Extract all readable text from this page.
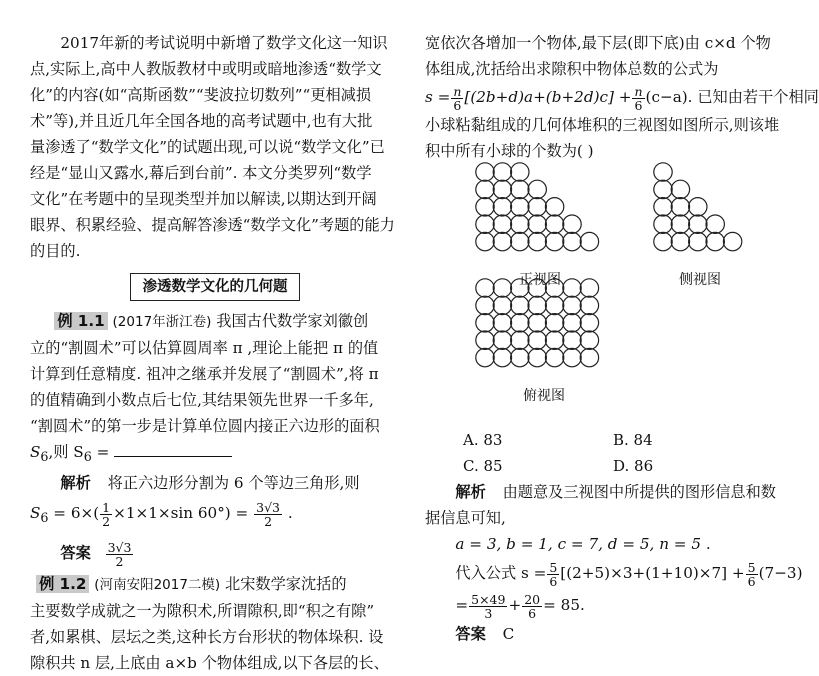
2017年新的考试说明中新增了数学文化这一知识
点,实际上,高中人教版教材中或明或暗地渗透“数学文
化”的内容(如“高斯函数”“斐波拉切数列”“更相减损
术”等),并且近几年全国各地的高考试题中,也有大批
量渗透了“数学文化”的试题出现,可以说“数学文化”已
经是“显山又露水,幕后到台前”. 本文分类罗列“数学
文化”在考题中的呈现类型并加以解读,以期达到开阔
眼界、积累经验、提高解答渗透“数学文化”考题的能力
的目的.
渗透数学文化的几何题
例 1.1 (2017年浙江卷) 我国古代数学家刘徽创
立的“割圆术”可以估算圆周率 π ,理论上能把 π 的值
计算到任意精度. 祖冲之继承并发展了“割圆术”,将 π
的值精确到小数点后七位,其结果领先世界一千多年,
“割圆术”的第一步是计算单位圆内接正六边形的面积
$S_6$,则 $S_6$ =
解析 将正六边形分割为 6 个等边三角形,则
$S_6 = 6\times( \frac{1}{2} \times 1\times 1\times\sin$ $60^\circ) = \frac{3√3}{2}$ .
答案 $\frac{3√3}{2}$
例 1.2 (河南安阳2017二模) 北宋数学家沈括的
主要数学成就之一为隙积术,所谓隙积,即“积之有隙”
者,如累棋、层坛之类,这种长方台形状的物体垛积. 设
隙积共 n 层,上底由 a×b 个物体组成,以下各层的长、
宽依次各增加一个物体,最下层(即下底)由 c×d 个物
体组成,沈括给出求隙积中物体总数的公式为
$s = \frac{n}{6} [(2b+d)a+(b+2d)c] + \frac{n}{6} (c-a)$. 已知由若干个相同
小球粘黏组成的几何体堆积的三视图如图所示,则该堆
积中所有小球的个数为( )
正视图	侧视图
俯视图
A. 83	B. 84
C. 85	D. 86
解析 由题意及三视图中所提供的图形信息和数
据信息可知,
a = 3, b = 1, c = 7, d = 5, n = 5 .
代入公式 $s = \frac{5}{6} [(2+5)\times 3+(1+10)\times 7] + \frac{5}{6} (7-3)$
= $\frac{5\times 49}{3} + \frac{20}{6} = 85$.
答案 C
